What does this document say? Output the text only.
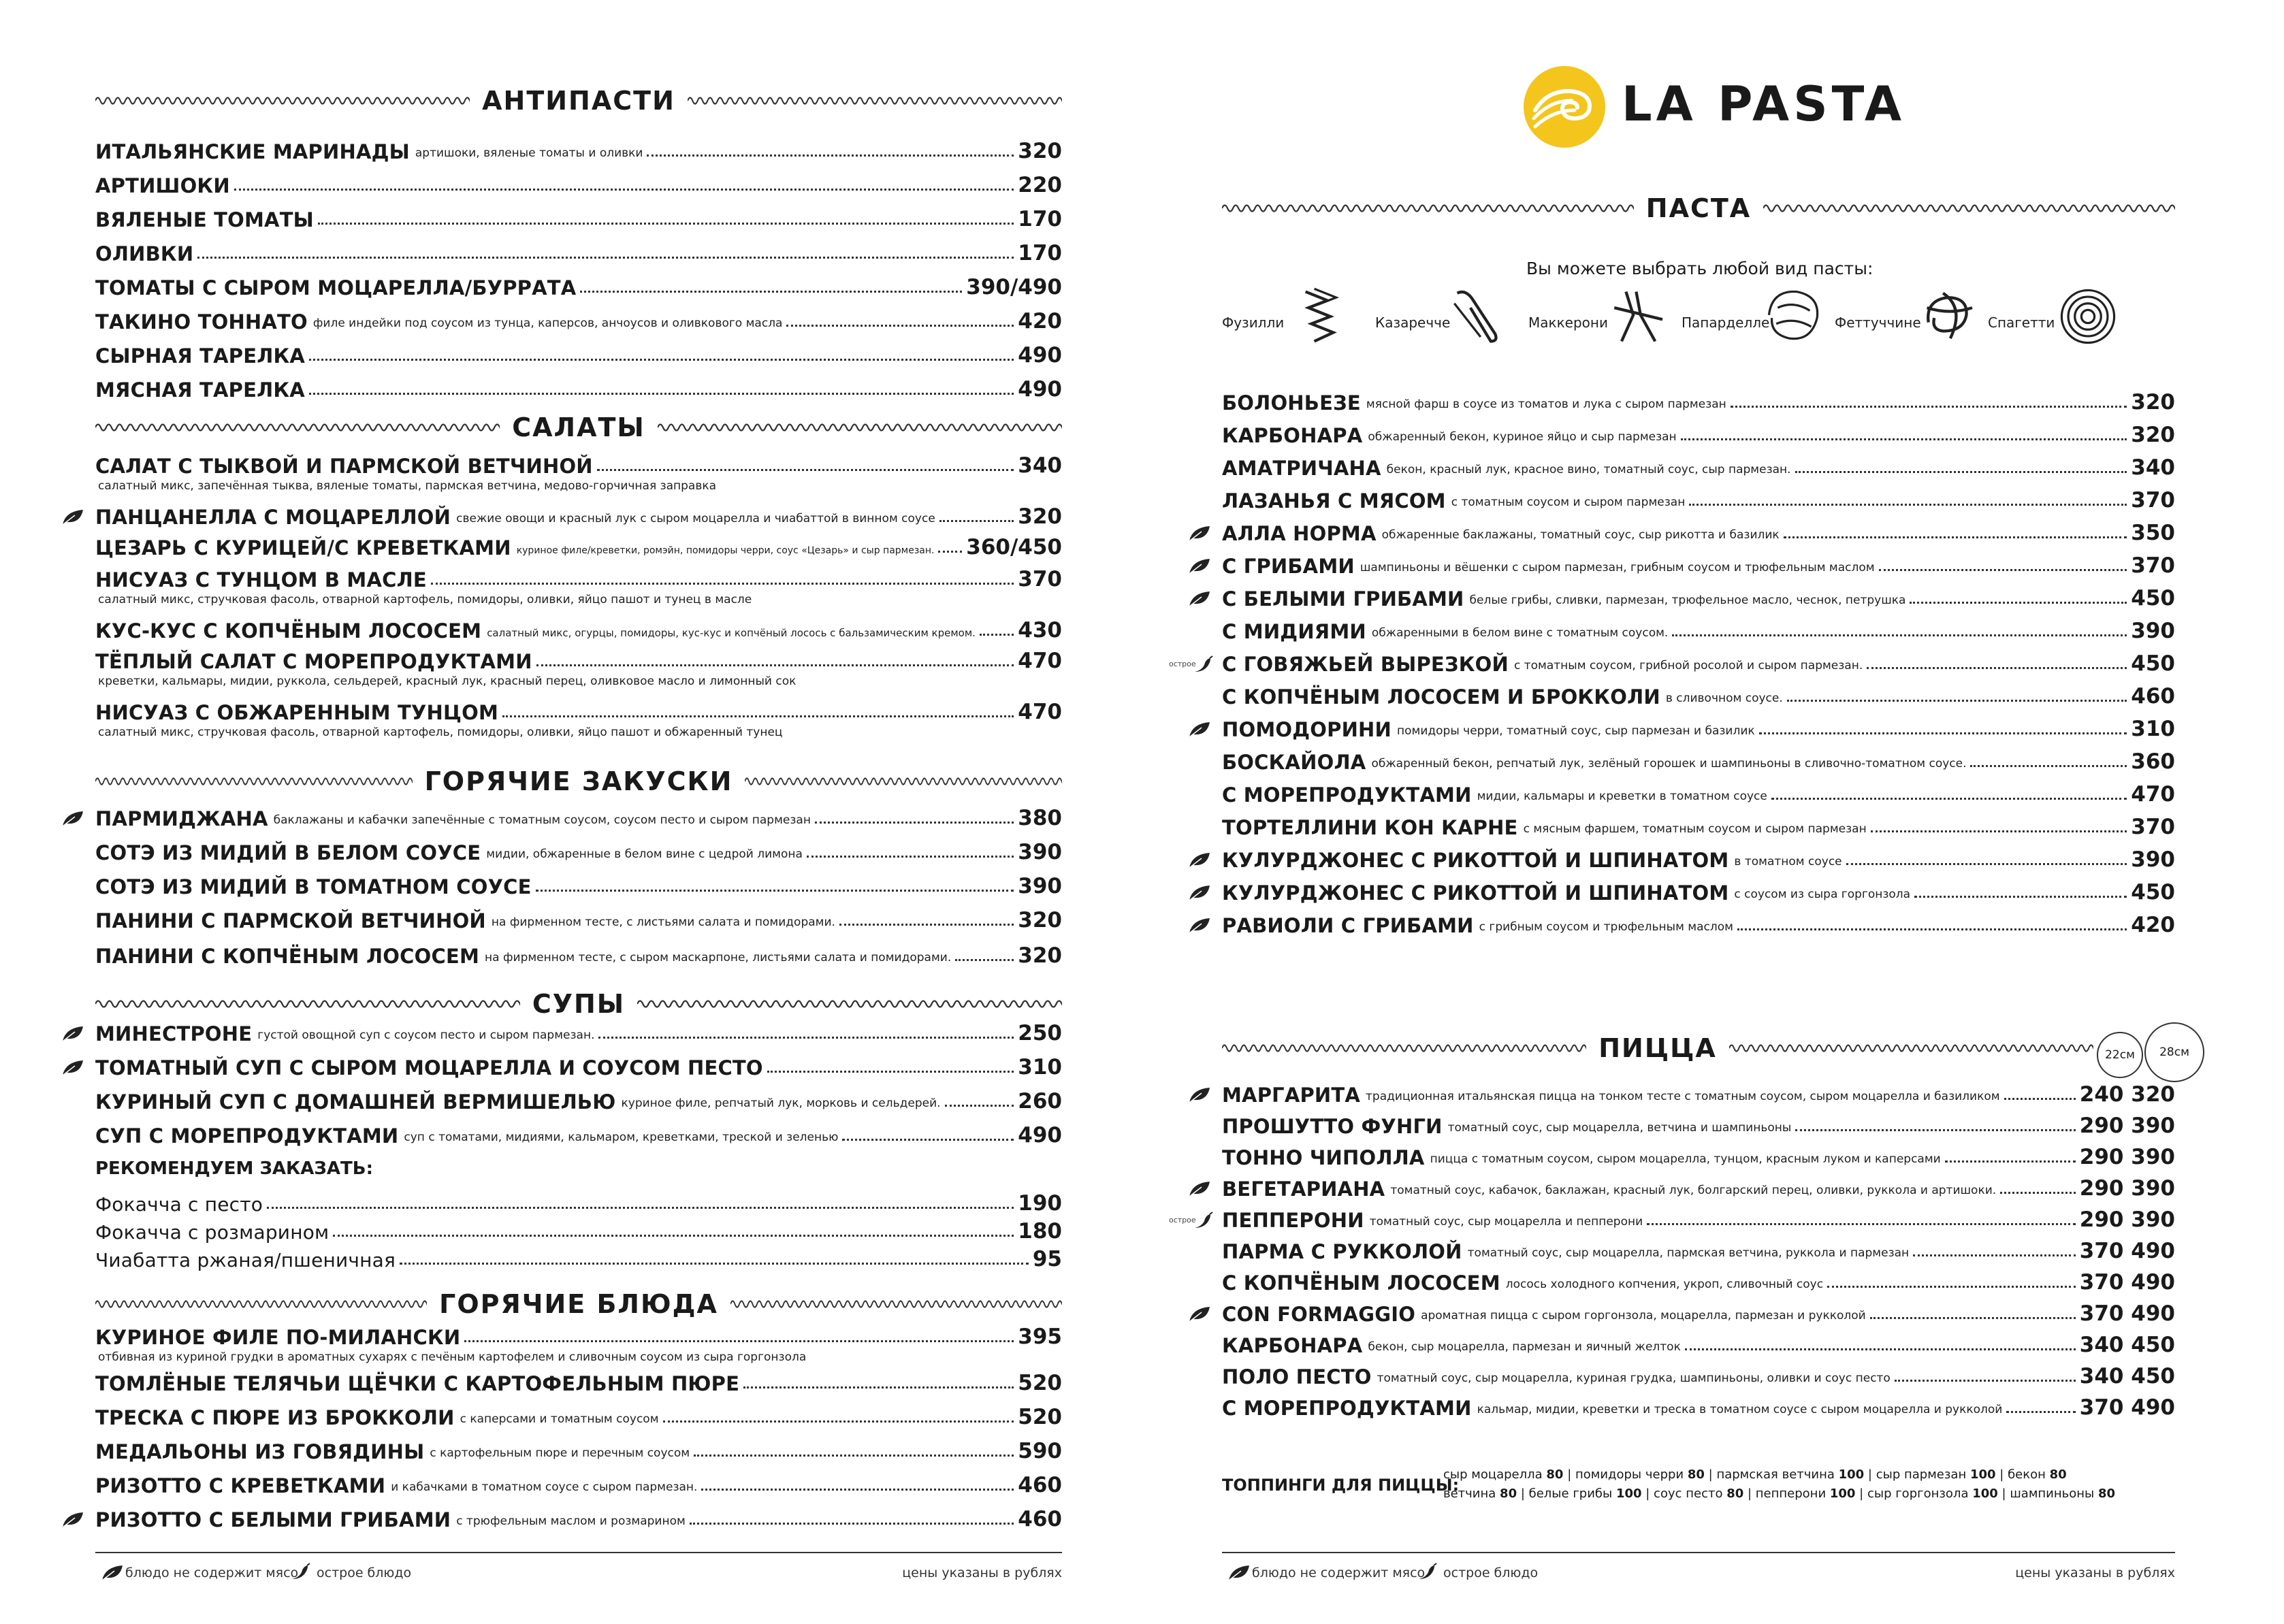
АНТИПАСТИ
ИТАЛЬЯНСКИЕ МАРИНАДЫ артишоки, вяленые томаты и оливки	320
АРТИШОКИ	220
ВЯЛЕНЫЕ ТОМАТЫ	170
ОЛИВКИ	170
ТОМАТЫ С СЫРОМ МОЦАРЕЛЛА/БУРРАТА	390/490
ТАКИНО ТОННАТО филе индейки под соусом из тунца, каперсов, анчоусов и оливкового масла	420
СЫРНАЯ ТАРЕЛКА	490
МЯСНАЯ ТАРЕЛКА	490
САЛАТЫ
САЛАТ С ТЫКВОЙ И ПАРМСКОЙ ВЕТЧИНОЙ	340
салатный микс, запечённая тыква, вяленые томаты, пармская ветчина, медово-горчичная заправка
ПАНЦАНЕЛЛА С МОЦАРЕЛЛОЙ свежие овощи и красный лук с сыром моцарелла и чиабаттой в винном соусе	320
ЦЕЗАРЬ С КУРИЦЕЙ/С КРЕВЕТКАМИ куриное филе/креветки, ромэйн, помидоры черри, соус «Цезарь» и сыр пармезан. 360/450
НИСУАЗ С ТУНЦОМ В МАСЛЕ	370
салатный микс, стручковая фасоль, отварной картофель, помидоры, оливки, яйцо пашот и тунец в масле
КУС-КУС С КОПЧЁНЫМ ЛОСОСЕМ салатный микс, огурцы, помидоры, кус-кус и копчёный лосось с бальзамическим кремом. 430
ТЁПЛЫЙ САЛАТ С МОРЕПРОДУКТАМИ	470
креветки, кальмары, мидии, руккола, сельдерей, красный лук, красный перец, оливковое масло и лимонный сок
НИСУАЗ С ОБЖАРЕННЫМ ТУНЦОМ	470
салатный микс, стручковая фасоль, отварной картофель, помидоры, оливки, яйцо пашот и обжаренный тунец
ГОРЯЧИЕ ЗАКУСКИ
ПАРМИДЖАНА баклажаны и кабачки запечённые с томатным соусом, соусом песто и сыром пармезан	380
СОТЭ ИЗ МИДИЙ В БЕЛОМ СОУСЕ мидии, обжаренные в белом вине с цедрой лимона	390
СОТЭ ИЗ МИДИЙ В ТОМАТНОМ СОУСЕ	390
ПАНИНИ С ПАРМСКОЙ ВЕТЧИНОЙ на фирменном тесте, с листьями салата и помидорами.	320
ПАНИНИ С КОПЧЁНЫМ ЛОСОСЕМ на фирменном тесте, с сыром маскарпоне, листьями салата и помидорами.	320
СУПЫ
МИНЕСТРОНЕ густой овощной суп с соусом песто и сыром пармезан.	250
ТОМАТНЫЙ СУП С СЫРОМ МОЦАРЕЛЛА И СОУСОМ ПЕСТО	310
КУРИНЫЙ СУП С ДОМАШНЕЙ ВЕРМИШЕЛЬЮ куриное филе, репчатый лук, морковь и сельдерей.	260
СУП С МОРЕПРОДУКТАМИ суп с томатами, мидиями, кальмаром, креветками, треской и зеленью	490
РЕКОМЕНДУЕМ ЗАКАЗАТЬ:
Фокачча с песто	190
Фокачча с розмарином	180
Чиабатта ржаная/пшеничная	95
ГОРЯЧИЕ БЛЮДА
КУРИНОЕ ФИЛЕ ПО-МИЛАНСКИ	395
отбивная из куриной грудки в ароматных сухарях с печёным картофелем и сливочным соусом из сыра горгонзола
ТОМЛЁНЫЕ ТЕЛЯЧЬИ ЩЁЧКИ С КАРТОФЕЛЬНЫМ ПЮРЕ	520
ТРЕСКА С ПЮРЕ ИЗ БРОККОЛИ с каперсами и томатным соусом	520
МЕДАЛЬОНЫ ИЗ ГОВЯДИНЫ с картофельным пюре и перечным соусом	590
РИЗОТТО С КРЕВЕТКАМИ и кабачками в томатном соусе с сыром пармезан.	460
РИЗОТТО С БЕЛЫМИ ГРИБАМИ с трюфельным маслом и розмарином	460
блюдо не содержит мясо острое блюдо	цены указаны в рублях
LA PASTA
ПАСТА
Вы можете выбрать любой вид пасты:
Фузилли	Казаречче	Маккерони	Папарделле	Феттуччине	Спагетти
БОЛОНЬЕЗЕ мясной фарш в соусе из томатов и лука с сыром пармезан	320
КАРБОНАРА обжаренный бекон, куриное яйцо и сыр пармезан	320
АМАТРИЧАНА бекон, красный лук, красное вино, томатный соус, сыр пармезан.	340
ЛАЗАНЬЯ С МЯСОМ с томатным соусом и сыром пармезан	370
АЛЛА НОРМА обжаренные баклажаны, томатный соус, сыр рикотта и базилик	350
С ГРИБАМИ шампиньоны и вёшенки с сыром пармезан, грибным соусом и трюфельным маслом	370
С БЕЛЫМИ ГРИБАМИ белые грибы, сливки, пармезан, трюфельное масло, чеснок, петрушка	450
С МИДИЯМИ обжаренными в белом вине с томатным соусом.	390
С ГОВЯЖЬЕЙ ВЫРЕЗКОЙ с томатным соусом, грибной росолой и сыром пармезан.	450
острое
С КОПЧЁНЫМ ЛОСОСЕМ И БРОККОЛИ в сливочном соусе.	460
ПОМОДОРИНИ помидоры черри, томатный соус, сыр пармезан и базилик	310
БОСКАЙОЛА обжаренный бекон, репчатый лук, зелёный горошек и шампиньоны в сливочно-томатном соусе.	360
С МОРЕПРОДУКТАМИ мидии, кальмары и креветки в томатном соусе	470
ТОРТЕЛЛИНИ КОН КАРНЕ с мясным фаршем, томатным соусом и сыром пармезан	370
КУЛУРДЖОНЕС С РИКОТТОЙ И ШПИНАТОМ в томатном соусе	390
КУЛУРДЖОНЕС С РИКОТТОЙ И ШПИНАТОМ с соусом из сыра горгонзола	450
РАВИОЛИ С ГРИБАМИ с грибным соусом и трюфельным маслом	420
ПИЦЦА	22см	28см
МАРГАРИТА традиционная итальянская пицца на тонком тесте с томатным соусом, сыром моцарелла и базиликом	240 320
ПРОШУТТО ФУНГИ томатный соус, сыр моцарелла, ветчина и шампиньоны	290 390
ТОННО ЧИПОЛЛА пицца с томатным соусом, сыром моцарелла, тунцом, красным луком и каперсами	290 390
ВЕГЕТАРИАНА томатный соус, кабачок, баклажан, красный лук, болгарский перец, оливки, руккола и артишоки.	290 390
ПЕППЕРОНИ томатный соус, сыр моцарелла и пепперони	290 390
острое
ПАРМА С РУККОЛОЙ томатный соус, сыр моцарелла, пармская ветчина, руккола и пармезан	370 490
С КОПЧЁНЫМ ЛОСОСЕМ лосось холодного копчения, укроп, сливочный соус	370 490
CON FORMAGGIO ароматная пицца с сыром горгонзола, моцарелла, пармезан и рукколой	370 490
КАРБОНАРА бекон, сыр моцарелла, пармезан и яичный желток	340 450
ПОЛО ПЕСТО томатный соус, сыр моцарелла, куриная грудка, шампиньоны, оливки и соус песто	340 450
С МОРЕПРОДУКТАМИ кальмар, мидии, креветки и треска в томатном соусе с сыром моцарелла и рукколой	370 490
ТОППИНГИ ДЛЯ ПИЦЦЫ:
сыр моцарелла 80 | помидоры черри 80 | пармская ветчина 100 | сыр пармезан 100 | бекон 80
ветчина 80 | белые грибы 100 | соус песто 80 | пепперони 100 | сыр горгонзола 100 | шампиньоны 80
блюдо не содержит мясо острое блюдо	цены указаны в рублях
